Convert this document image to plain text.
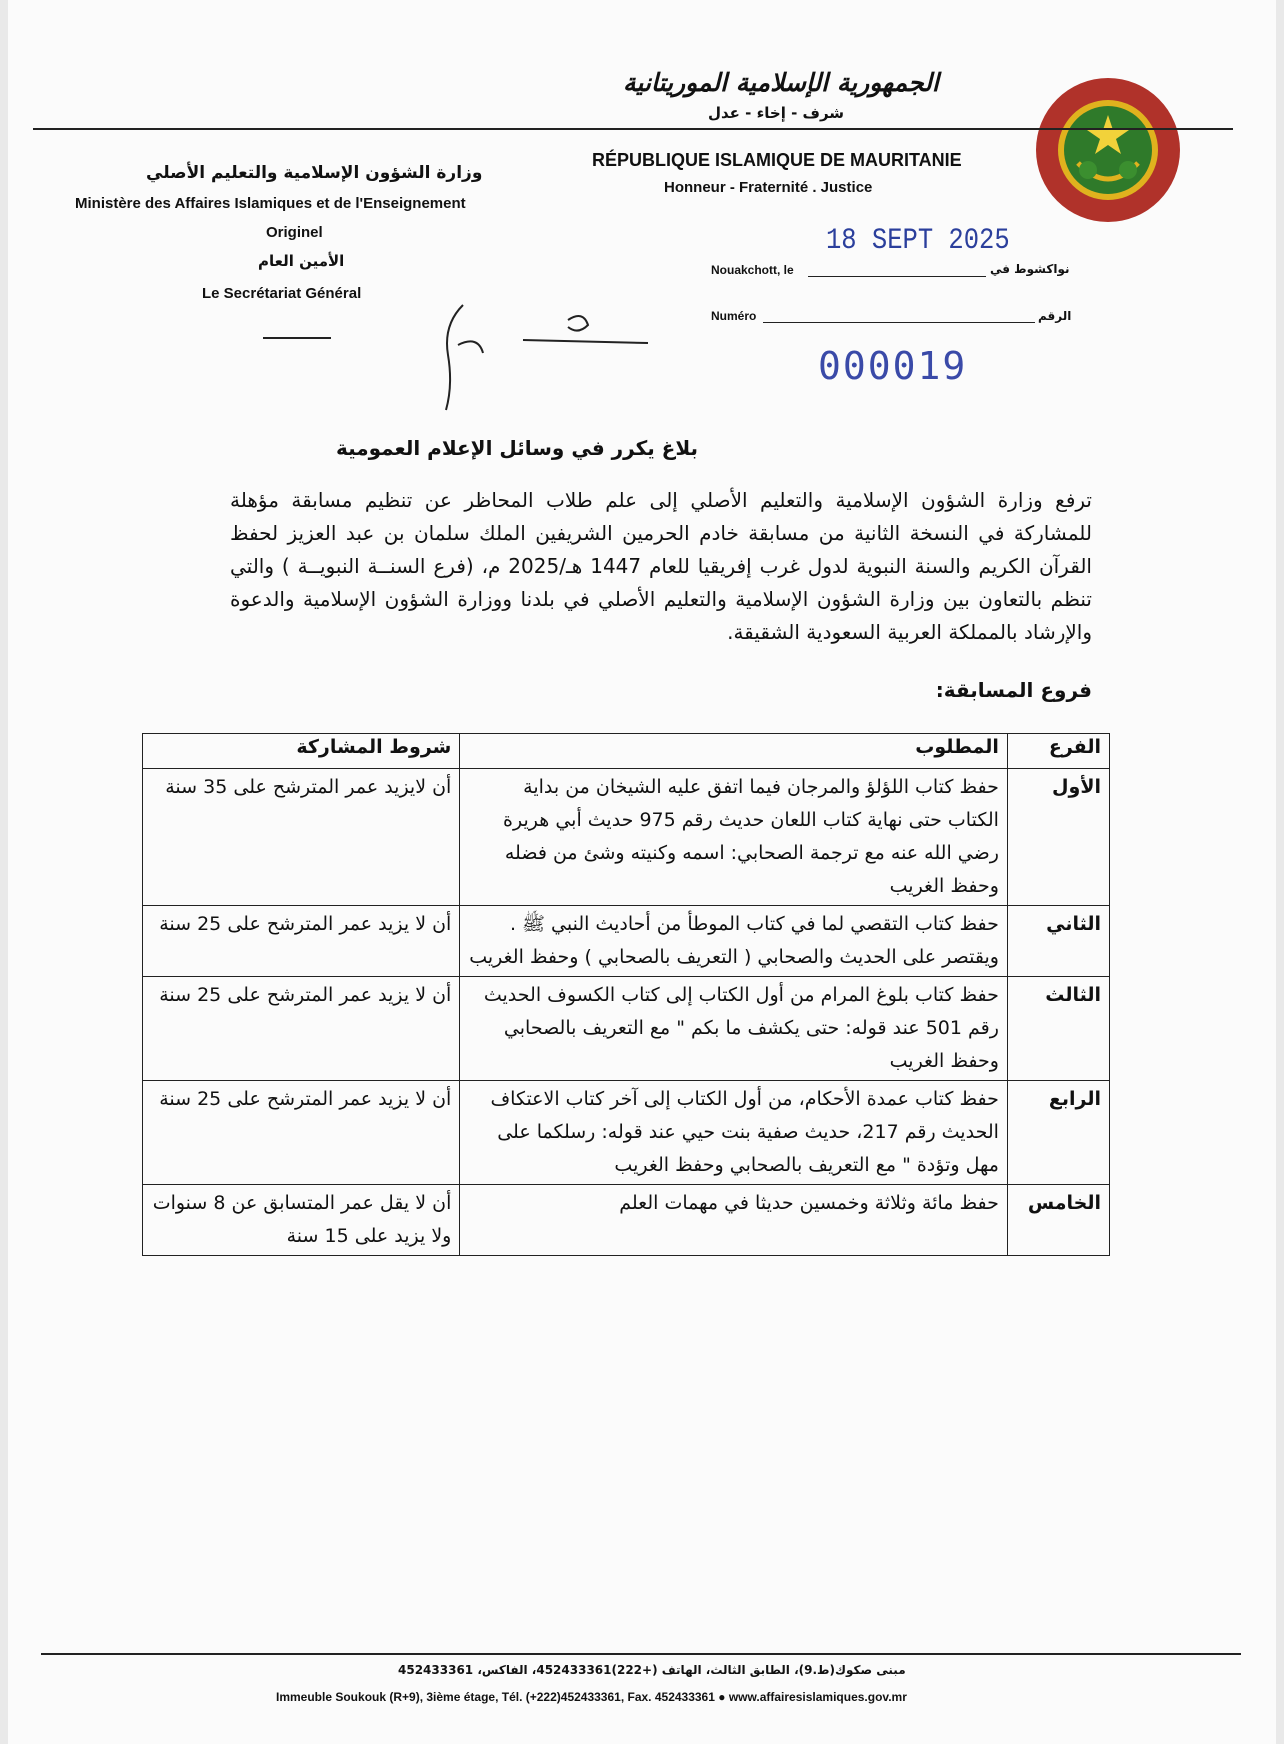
الجمهورية الإسلامية الموريتانية
شرف - إخاء - عدل
RÉPUBLIQUE ISLAMIQUE DE MAURITANIE
Honneur - Fraternité . Justice
وزارة الشؤون الإسلامية والتعليم الأصلي
Ministère des Affaires Islamiques et de l'Enseignement
Originel
الأمين العام
Le Secrétariat Général
Nouakchott, le	نواكشوط في
18 SEPT 2025
Numéro	الرقم
000019
بلاغ يكرر في وسائل الإعلام العمومية
ترفع وزارة الشؤون الإسلامية والتعليم الأصلي إلى علم طلاب المحاظر عن تنظيم مسابقة مؤهلة للمشاركة في النسخة الثانية من مسابقة خادم الحرمين الشريفين الملك سلمان بن عبد العزيز لحفظ القرآن الكريم والسنة النبوية لدول غرب إفريقيا للعام 1447 هـ/2025 م، (فرع السنــة النبويــة ) والتي تنظم بالتعاون بين وزارة الشؤون الإسلامية والتعليم الأصلي في بلدنا ووزارة الشؤون الإسلامية والدعوة والإرشاد بالمملكة العربية السعودية الشقيقة.
فروع المسابقة:
الفرع	المطلوب	شروط المشاركة
الأول	حفظ كتاب اللؤلؤ والمرجان فيما اتفق عليه الشيخان من بداية الكتاب حتى نهاية كتاب اللعان حديث رقم 975 حديث أبي هريرة رضي الله عنه مع ترجمة الصحابي: اسمه وكنيته وشئ من فضله وحفظ الغريب	أن لايزيد عمر المترشح على 35 سنة
الثاني	حفظ كتاب التقصي لما في كتاب الموطأ من أحاديث النبي ﷺ . ويقتصر على الحديث والصحابي ( التعريف بالصحابي ) وحفظ الغريب	أن لا يزيد عمر المترشح على 25 سنة
الثالث	حفظ كتاب بلوغ المرام من أول الكتاب إلى كتاب الكسوف الحديث رقم 501 عند قوله: حتى يكشف ما بكم " مع التعريف بالصحابي وحفظ الغريب	أن لا يزيد عمر المترشح على 25 سنة
الرابع	حفظ كتاب عمدة الأحكام، من أول الكتاب إلى آخر كتاب الاعتكاف الحديث رقم 217، حديث صفية بنت حيي عند قوله: رسلكما على مهل وتؤدة " مع التعريف بالصحابي وحفظ الغريب	أن لا يزيد عمر المترشح على 25 سنة
الخامس	حفظ مائة وثلاثة وخمسين حديثا في مهمات العلم	أن لا يقل عمر المتسابق عن 8 سنوات ولا يزيد على 15 سنة
مبنى صكوك(ط.9)، الطابق الثالث، الهاتف (+222)452433361، الفاكس، 452433361
Immeuble Soukouk (R+9), 3ième étage, Tél. (+222)452433361, Fax. 452433361 ● www.affairesislamiques.gov.mr
